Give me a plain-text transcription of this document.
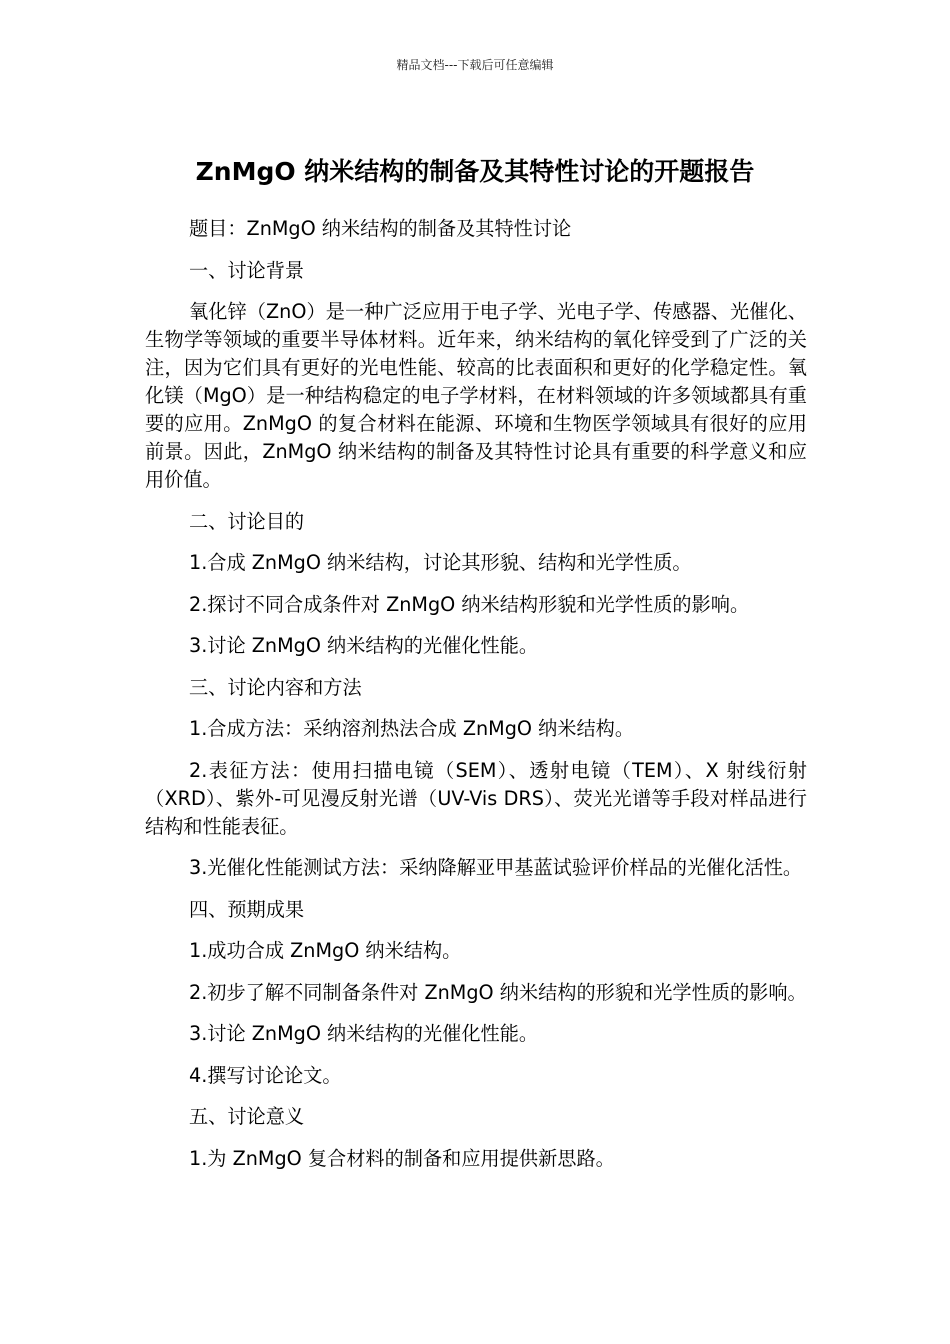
精品文档---下载后可任意编辑
ZnMgO 纳米结构的制备及其特性讨论的开题报告

题目：ZnMgO 纳米结构的制备及其特性讨论

一、讨论背景

氧化锌（ZnO）是一种广泛应用于电子学、光电子学、传感器、光催化、生物学等领域的重要半导体材料。近年来，纳米结构的氧化锌受到了广泛的关注，因为它们具有更好的光电性能、较高的比表面积和更好的化学稳定性。氧化镁（MgO）是一种结构稳定的电子学材料，在材料领域的许多领域都具有重要的应用。ZnMgO 的复合材料在能源、环境和生物医学领域具有很好的应用前景。因此，ZnMgO 纳米结构的制备及其特性讨论具有重要的科学意义和应用价值。

二、讨论目的

1.合成 ZnMgO 纳米结构，讨论其形貌、结构和光学性质。

2.探讨不同合成条件对 ZnMgO 纳米结构形貌和光学性质的影响。

3.讨论 ZnMgO 纳米结构的光催化性能。

三、讨论内容和方法

1.合成方法：采纳溶剂热法合成 ZnMgO 纳米结构。

2.表征方法：使用扫描电镜（SEM）、透射电镜（TEM）、X 射线衍射（XRD）、紫外-可见漫反射光谱（UV-Vis DRS）、荧光光谱等手段对样品进行结构和性能表征。

3.光催化性能测试方法：采纳降解亚甲基蓝试验评价样品的光催化活性。

四、预期成果

1.成功合成 ZnMgO 纳米结构。

2.初步了解不同制备条件对 ZnMgO 纳米结构的形貌和光学性质的影响。

3.讨论 ZnMgO 纳米结构的光催化性能。

4.撰写讨论论文。

五、讨论意义

1.为 ZnMgO 复合材料的制备和应用提供新思路。
